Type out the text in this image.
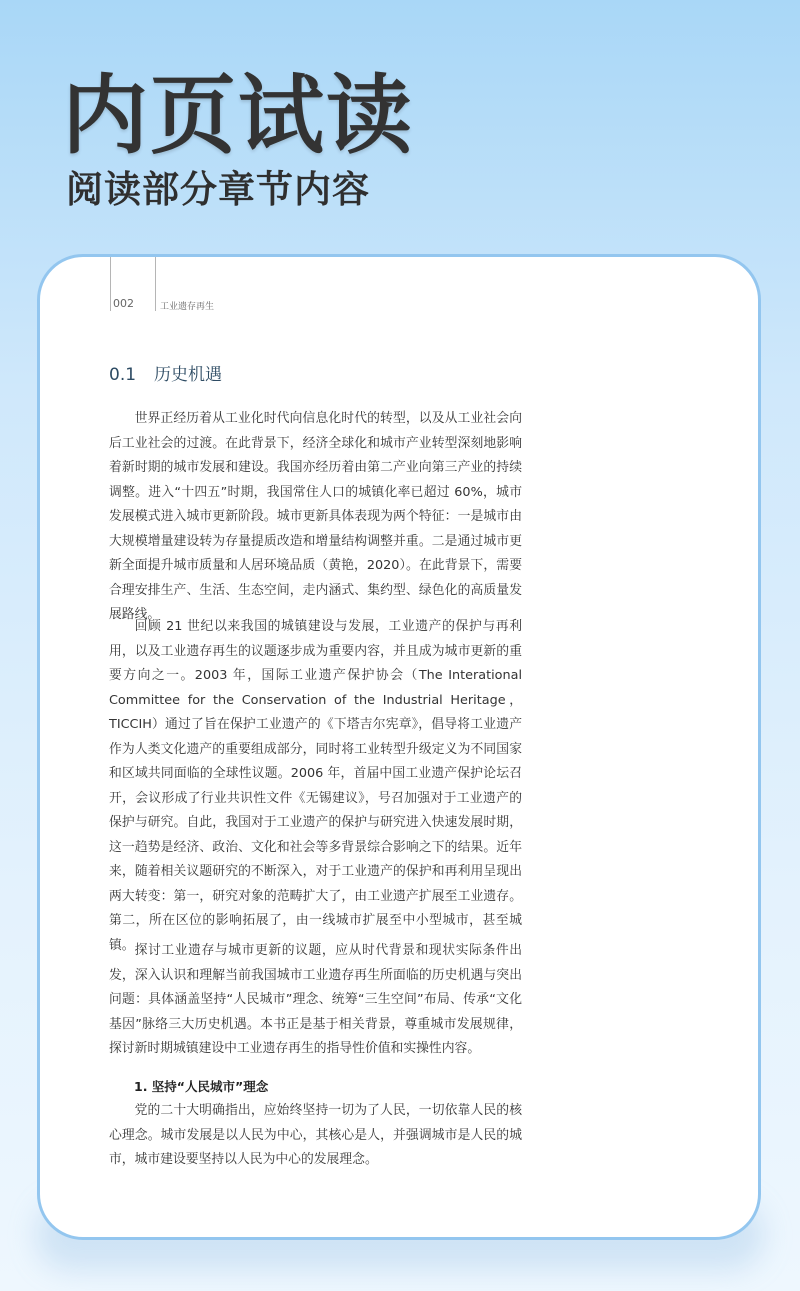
内页试读
阅读部分章节内容
002	工业遗存再生
0.1 历史机遇

世界正经历着从工业化时代向信息化时代的转型，以及从工业社会向后工业社会的过渡。在此背景下，经济全球化和城市产业转型深刻地影响着新时期的城市发展和建设。我国亦经历着由第二产业向第三产业的持续调整。进入“十四五”时期，我国常住人口的城镇化率已超过 60%，城市发展模式进入城市更新阶段。城市更新具体表现为两个特征：一是城市由大规模增量建设转为存量提质改造和增量结构调整并重。二是通过城市更新全面提升城市质量和人居环境品质（黄艳，2020）。在此背景下，需要合理安排生产、生活、生态空间，走内涵式、集约型、绿色化的高质量发展路线。

回顾 21 世纪以来我国的城镇建设与发展，工业遗产的保护与再利用，以及工业遗存再生的议题逐步成为重要内容，并且成为城市更新的重要方向之一。2003 年，国际工业遗产保护协会（The Interational Committee for the Conservation of the Industrial Heritage，TICCIH）通过了旨在保护工业遗产的《下塔吉尔宪章》，倡导将工业遗产作为人类文化遗产的重要组成部分，同时将工业转型升级定义为不同国家和区域共同面临的全球性议题。2006 年，首届中国工业遗产保护论坛召开，会议形成了行业共识性文件《无锡建议》，号召加强对于工业遗产的保护与研究。自此，我国对于工业遗产的保护与研究进入快速发展时期，这一趋势是经济、政治、文化和社会等多背景综合影响之下的结果。近年来，随着相关议题研究的不断深入，对于工业遗产的保护和再利用呈现出两大转变：第一，研究对象的范畴扩大了，由工业遗产扩展至工业遗存。第二，所在区位的影响拓展了，由一线城市扩展至中小型城市，甚至城镇。 探讨工业遗存与城市更新的议题，应从时代背景和现状实际条件出发，深入认识和理解当前我国城市工业遗存再生所面临的历史机遇与突出问题：具体涵盖坚持“人民城市”理念、统筹“三生空间”布局、传承“文化基因”脉络三大历史机遇。本书正是基于相关背景，尊重城市发展规律，探讨新时期城镇建设中工业遗存再生的指导性价值和实操性内容。

1. 坚持“人民城市”理念

党的二十大明确指出，应始终坚持一切为了人民，一切依靠人民的核心理念。城市发展是以人民为中心，其核心是人，并强调城市是人民的城市，城市建设要坚持以人民为中心的发展理念。
